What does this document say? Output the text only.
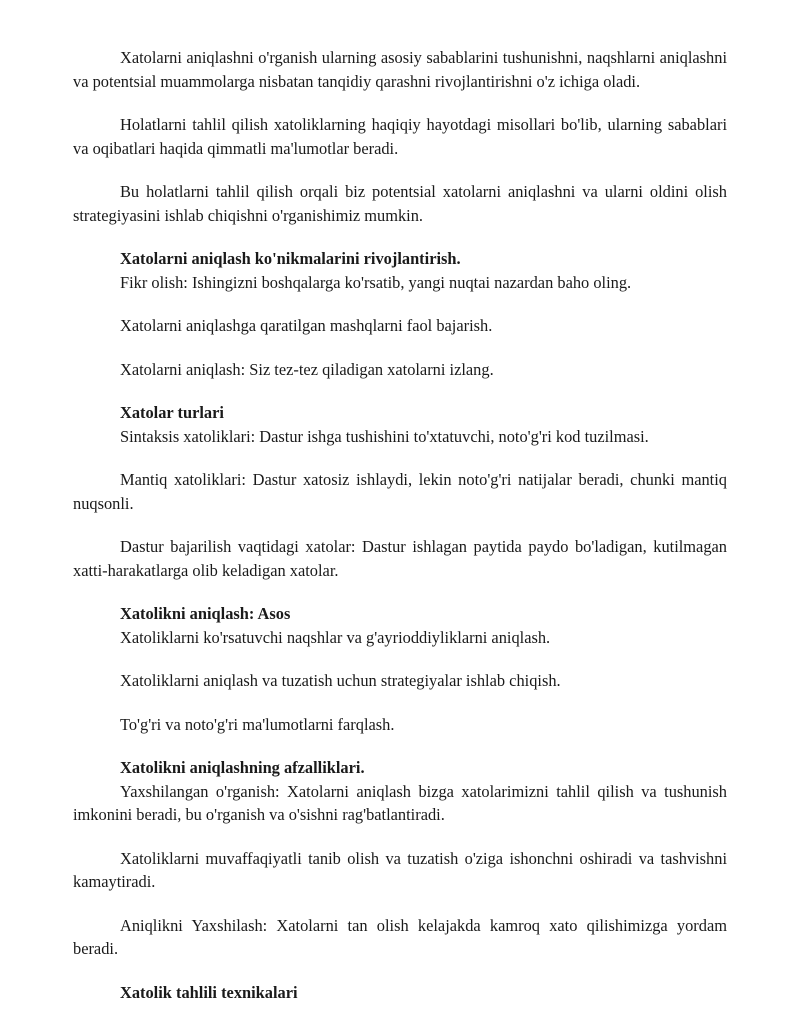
Xatolarni aniqlashni o'rganish ularning asosiy sabablarini tushunishni, naqshlarni aniqlashni va potentsial muammolarga nisbatan tanqidiy qarashni rivojlantirishni o'z ichiga oladi.

Holatlarni tahlil qilish xatoliklarning haqiqiy hayotdagi misollari bo'lib, ularning sabablari va oqibatlari haqida qimmatli ma'lumotlar beradi.

Bu holatlarni tahlil qilish orqali biz potentsial xatolarni aniqlashni va ularni oldini olish strategiyasini ishlab chiqishni o'rganishimiz mumkin.

Xatolarni aniqlash ko'nikmalarini rivojlantirish.

Fikr olish: Ishingizni boshqalarga ko'rsatib, yangi nuqtai nazardan baho oling.

Xatolarni aniqlashga qaratilgan mashqlarni faol bajarish.

Xatolarni aniqlash: Siz tez-tez qiladigan xatolarni izlang.

Xatolar turlari

Sintaksis xatoliklari: Dastur ishga tushishini to'xtatuvchi, noto'g'ri kod tuzilmasi.

Mantiq xatoliklari: Dastur xatosiz ishlaydi, lekin noto'g'ri natijalar beradi, chunki mantiq nuqsonli.

Dastur bajarilish vaqtidagi xatolar: Dastur ishlagan paytida paydo bo'ladigan, kutilmagan xatti-harakatlarga olib keladigan xatolar.

Xatolikni aniqlash: Asos

Xatoliklarni ko'rsatuvchi naqshlar va g'ayrioddiyliklarni aniqlash.

Xatoliklarni aniqlash va tuzatish uchun strategiyalar ishlab chiqish.

To'g'ri va noto'g'ri ma'lumotlarni farqlash.

Xatolikni aniqlashning afzalliklari.

Yaxshilangan o'rganish: Xatolarni aniqlash bizga xatolarimizni tahlil qilish va tushunish imkonini beradi, bu o'rganish va o'sishni rag'batlantiradi.

Xatoliklarni muvaffaqiyatli tanib olish va tuzatish o'ziga ishonchni oshiradi va tashvishni kamaytiradi.

Aniqlikni Yaxshilash: Xatolarni tan olish kelajakda kamroq xato qilishimizga yordam beradi.

Xatolik tahlili texnikalari
